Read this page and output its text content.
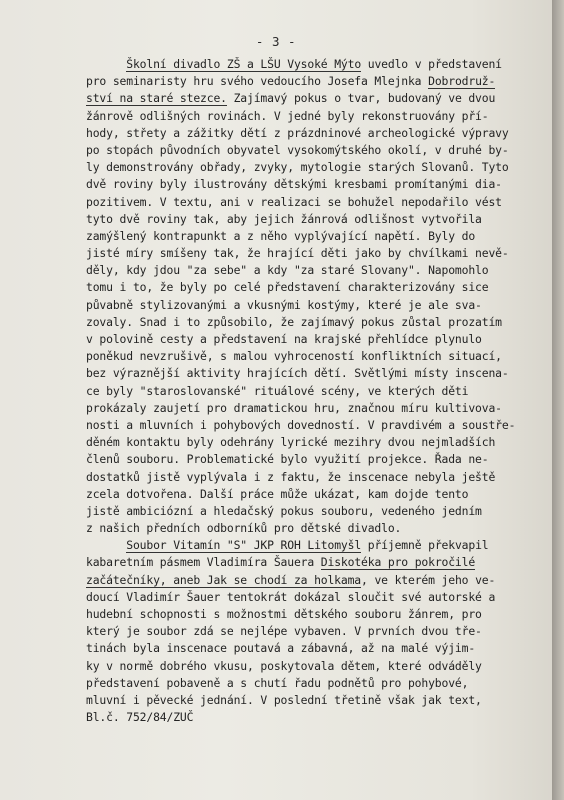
- 3 -
Školní divadlo ZŠ a LŠU Vysoké Mýto uvedlo v představení
pro seminaristy hru svého vedoucího Josefa Mlejnka Dobrodruž-
ství na staré stezce. Zajímavý pokus o tvar, budovaný ve dvou
žánrově odlišných rovinách. V jedné byly rekonstruovány pří-
hody, střety a zážitky dětí z prázdninové archeologické výpravy
po stopách původních obyvatel vysokomýtského okolí, v druhé by-
ly demonstrovány obřady, zvyky, mytologie starých Slovanů. Tyto
dvě roviny byly ilustrovány dětskými kresbami promítanými dia-
pozitivem. V textu, ani v realizaci se bohužel nepodařilo vést
tyto dvě roviny tak, aby jejich žánrová odlišnost vytvořila
zamýšlený kontrapunkt a z něho vyplývající napětí. Byly do
jisté míry smíšeny tak, že hrající děti jako by chvílkami nevě-
děly, kdy jdou "za sebe" a kdy "za staré Slovany". Napomohlo
tomu i to, že byly po celé představení charakterizovány sice
půvabně stylizovanými a vkusnými kostýmy, které je ale sva-
zovaly. Snad i to způsobilo, že zajímavý pokus zůstal prozatím
v polovině cesty a představení na krajské přehlídce plynulo
poněkud nevzrušivě, s malou vyhroceností konfliktních situací,
bez výraznější aktivity hrajících dětí. Světlými místy inscena-
ce byly "staroslovanské" rituálové scény, ve kterých děti
prokázaly zaujetí pro dramatickou hru, značnou míru kultivova-
nosti a mluvních i pohybových dovedností. V pravdivém a soustře-
děném kontaktu byly odehrány lyrické mezihry dvou nejmladších
členů souboru. Problematické bylo využití projekce. Řada ne-
dostatků jistě vyplývala i z faktu, že inscenace nebyla ještě
zcela dotvořena. Další práce může ukázat, kam dojde tento
jistě ambiciózní a hledačský pokus souboru, vedeného jedním
z našich předních odborníků pro dětské divadlo.
Soubor Vitamín "S" JKP ROH Litomyšl příjemně překvapil
kabaretním pásmem Vladimíra Šauera Diskotéka pro pokročilé
začátečníky, aneb Jak se chodí za holkama, ve kterém jeho ve-
doucí Vladimír Šauer tentokrát dokázal sloučit své autorské a
hudební schopnosti s možnostmi dětského souboru žánrem, pro
který je soubor zdá se nejlépe vybaven. V prvních dvou tře-
tinách byla inscenace poutavá a zábavná, až na malé výjim-
ky v normě dobrého vkusu, poskytovala dětem, které odváděly
představení pobaveně a s chutí řadu podnětů pro pohybové,
mluvní i pěvecké jednání. V poslední třetině však jak text,
Bl.č. 752/84/ZUČ
